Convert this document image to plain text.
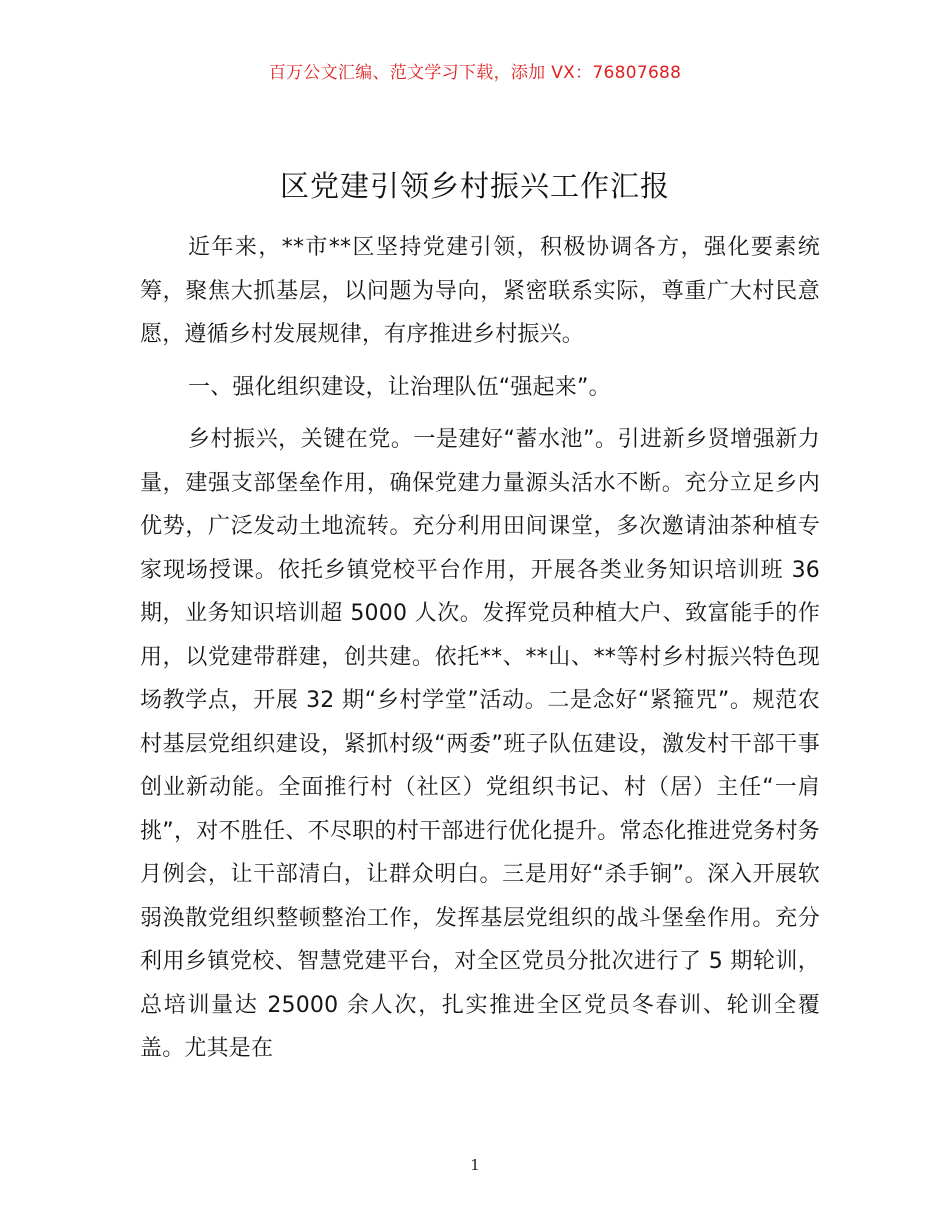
百万公文汇编、范文学习下载，添加 VX：76807688
区党建引领乡村振兴工作汇报

近年来，**市**区坚持党建引领，积极协调各方，强化要素统筹，聚焦大抓基层，以问题为导向，紧密联系实际，尊重广大村民意愿，遵循乡村发展规律，有序推进乡村振兴。

一、强化组织建设，让治理队伍“强起来”。

乡村振兴，关键在党。一是建好“蓄水池”。引进新乡贤增强新力量，建强支部堡垒作用，确保党建力量源头活水不断。充分立足乡内优势，广泛发动土地流转。充分利用田间课堂，多次邀请油茶种植专家现场授课。依托乡镇党校平台作用，开展各类业务知识培训班 36 期，业务知识培训超 5000 人次。发挥党员种植大户、致富能手的作用，以党建带群建，创共建。依托**、**山、**等村乡村振兴特色现场教学点，开展 32 期“乡村学堂”活动。二是念好“紧箍咒”。规范农村基层党组织建设，紧抓村级“两委”班子队伍建设，激发村干部干事创业新动能。全面推行村（社区）党组织书记、村（居）主任“一肩挑”，对不胜任、不尽职的村干部进行优化提升。常态化推进党务村务月例会，让干部清白，让群众明白。三是用好“杀手锏”。深入开展软弱涣散党组织整顿整治工作，发挥基层党组织的战斗堡垒作用。充分利用乡镇党校、智慧党建平台，对全区党员分批次进行了 5 期轮训，总培训量达 25000 余人次，扎实推进全区党员冬春训、轮训全覆盖。尤其是在

1
